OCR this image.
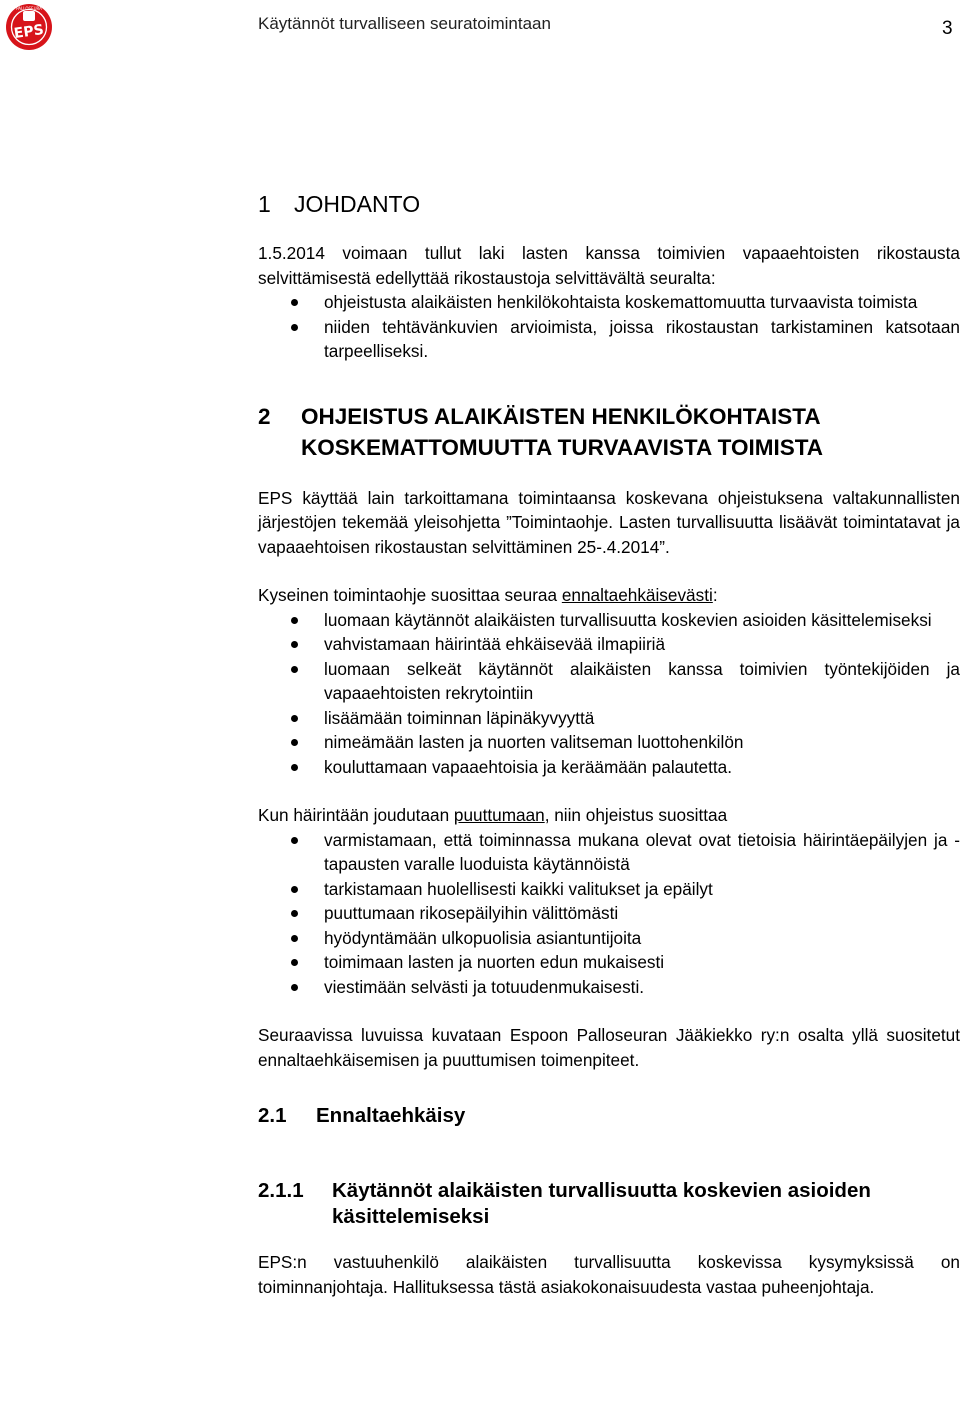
PALLOSEURA
EPS	Käytännöt turvalliseen seuratoimintaan	3
1	JOHDANTO

1.5.2014 voimaan tullut laki lasten kanssa toimivien vapaaehtoisten rikostausta selvittämisestä edellyttää rikostaustoja selvittävältä seuralta:

ohjeistusta alaikäisten henkilökohtaista koskemattomuutta turvaavista toimista
niiden tehtävänkuvien arvioimista, joissa rikostaustan tarkistaminen katsotaan tarpeelliseksi.
2	OHJEISTUS ALAIKÄISTEN HENKILÖKOHTAISTA KOSKEMATTOMUUTTA TURVAAVISTA TOIMISTA

EPS käyttää lain tarkoittamana toimintaansa koskevana ohjeistuksena valtakunnallisten järjestöjen tekemää yleisohjetta ”Toimintaohje. Lasten turvallisuutta lisäävät toimintatavat ja vapaaehtoisen rikostaustan selvittäminen 25-.4.2014”.

Kyseinen toimintaohje suosittaa seuraa ennaltaehkäisevästi:

luomaan käytännöt alaikäisten turvallisuutta koskevien asioiden käsittelemiseksi
vahvistamaan häirintää ehkäisevää ilmapiiriä
luomaan selkeät käytännöt alaikäisten kanssa toimivien työntekijöiden ja vapaaehtoisten rekrytointiin
lisäämään toiminnan läpinäkyvyyttä
nimeämään lasten ja nuorten valitseman luottohenkilön
kouluttamaan vapaaehtoisia ja keräämään palautetta.

Kun häirintään joudutaan puuttumaan, niin ohjeistus suosittaa

varmistamaan, että toiminnassa mukana olevat ovat tietoisia häirintäepäilyjen ja -tapausten varalle luoduista käytännöistä
tarkistamaan huolellisesti kaikki valitukset ja epäilyt
puuttumaan rikosepäilyihin välittömästi
hyödyntämään ulkopuolisia asiantuntijoita
toimimaan lasten ja nuorten edun mukaisesti
viestimään selvästi ja totuudenmukaisesti.

Seuraavissa luvuissa kuvataan Espoon Palloseuran Jääkiekko ry:n osalta yllä suositetut ennaltaehkäisemisen ja puuttumisen toimenpiteet.

2.1	Ennaltaehkäisy
2.1.1	Käytännöt alaikäisten turvallisuutta koskevien asioiden käsittelemiseksi

EPS:n vastuuhenkilö alaikäisten turvallisuutta koskevissa kysymyksissä on toiminnanjohtaja. Hallituksessa tästä asiakokonaisuudesta vastaa puheenjohtaja.
